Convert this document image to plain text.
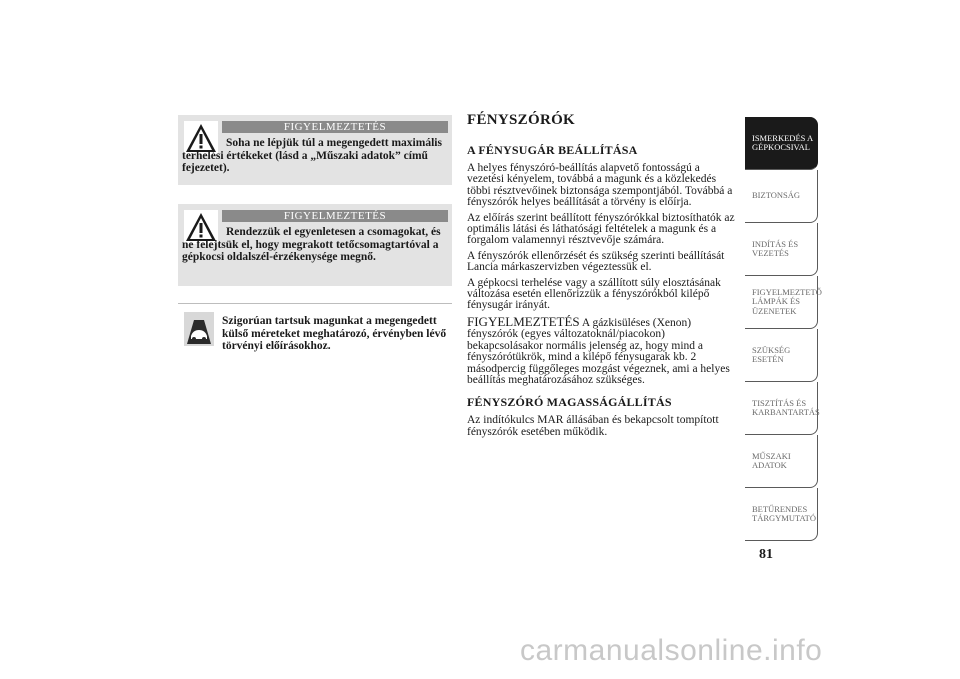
FIGYELMEZTETÉS
Soha ne lépjük túl a megengedett maximális terhelési értékeket (lásd a „Műszaki adatok” című fejezetet).
FIGYELMEZTETÉS
Rendezzük el egyenletesen a csomagokat, és ne felejtsük el, hogy megrakott tetőcsomagtartóval a gépkocsi oldalszél-érzékenysége megnő.
Szigorúan tartsuk magunkat a megengedett külső méreteket meghatározó, érvényben lévő törvényi előírásokhoz.
FÉNYSZÓRÓK
A FÉNYSUGÁR BEÁLLÍTÁSA

A helyes fényszóró-beállítás alapvető fontosságú a vezetési kényelem, továbbá a magunk és a közlekedés többi résztvevőinek biztonsága szempontjából. Továbbá a fényszórók helyes beállítását a törvény is előírja.

Az előírás szerint beállított fényszórókkal biztosíthatók az optimális látási és láthatósági feltételek a magunk és a forgalom valamennyi résztvevője számára.

A fényszórók ellenőrzését és szükség szerinti beállítását Lancia márkaszervizben végeztessük el.

A gépkocsi terhelése vagy a szállított súly elosztásának változása esetén ellenőrizzük a fényszórókból kilépő fénysugár irányát.

FIGYELMEZTETÉS A gázkisüléses (Xenon) fényszórók (egyes változatoknál/piacokon) bekapcsolásakor normális jelenség az, hogy mind a fényszórótükrök, mind a kilépő fénysugarak kb. 2 másodpercig függőleges mozgást végeznek, ami a helyes beállítás meghatározásához szükséges.

FÉNYSZÓRÓ MAGASSÁGÁLLÍTÁS

Az indítókulcs MAR állásában és bekapcsolt tompított fényszórók esetében működik.

ISMERKEDÉS A GÉPKOCSIVAL
BIZTONSÁG
INDÍTÁS ÉS VEZETÉS
FIGYELMEZTETŐ LÁMPÁK ÉS ÜZENETEK
SZÜKSÉG ESETÉN
TISZTÍTÁS ÉS KARBANTARTÁS
MŰSZAKI ADATOK
BETŰRENDES TÁRGYMUTATÓ
81
carmanualsonline.info
